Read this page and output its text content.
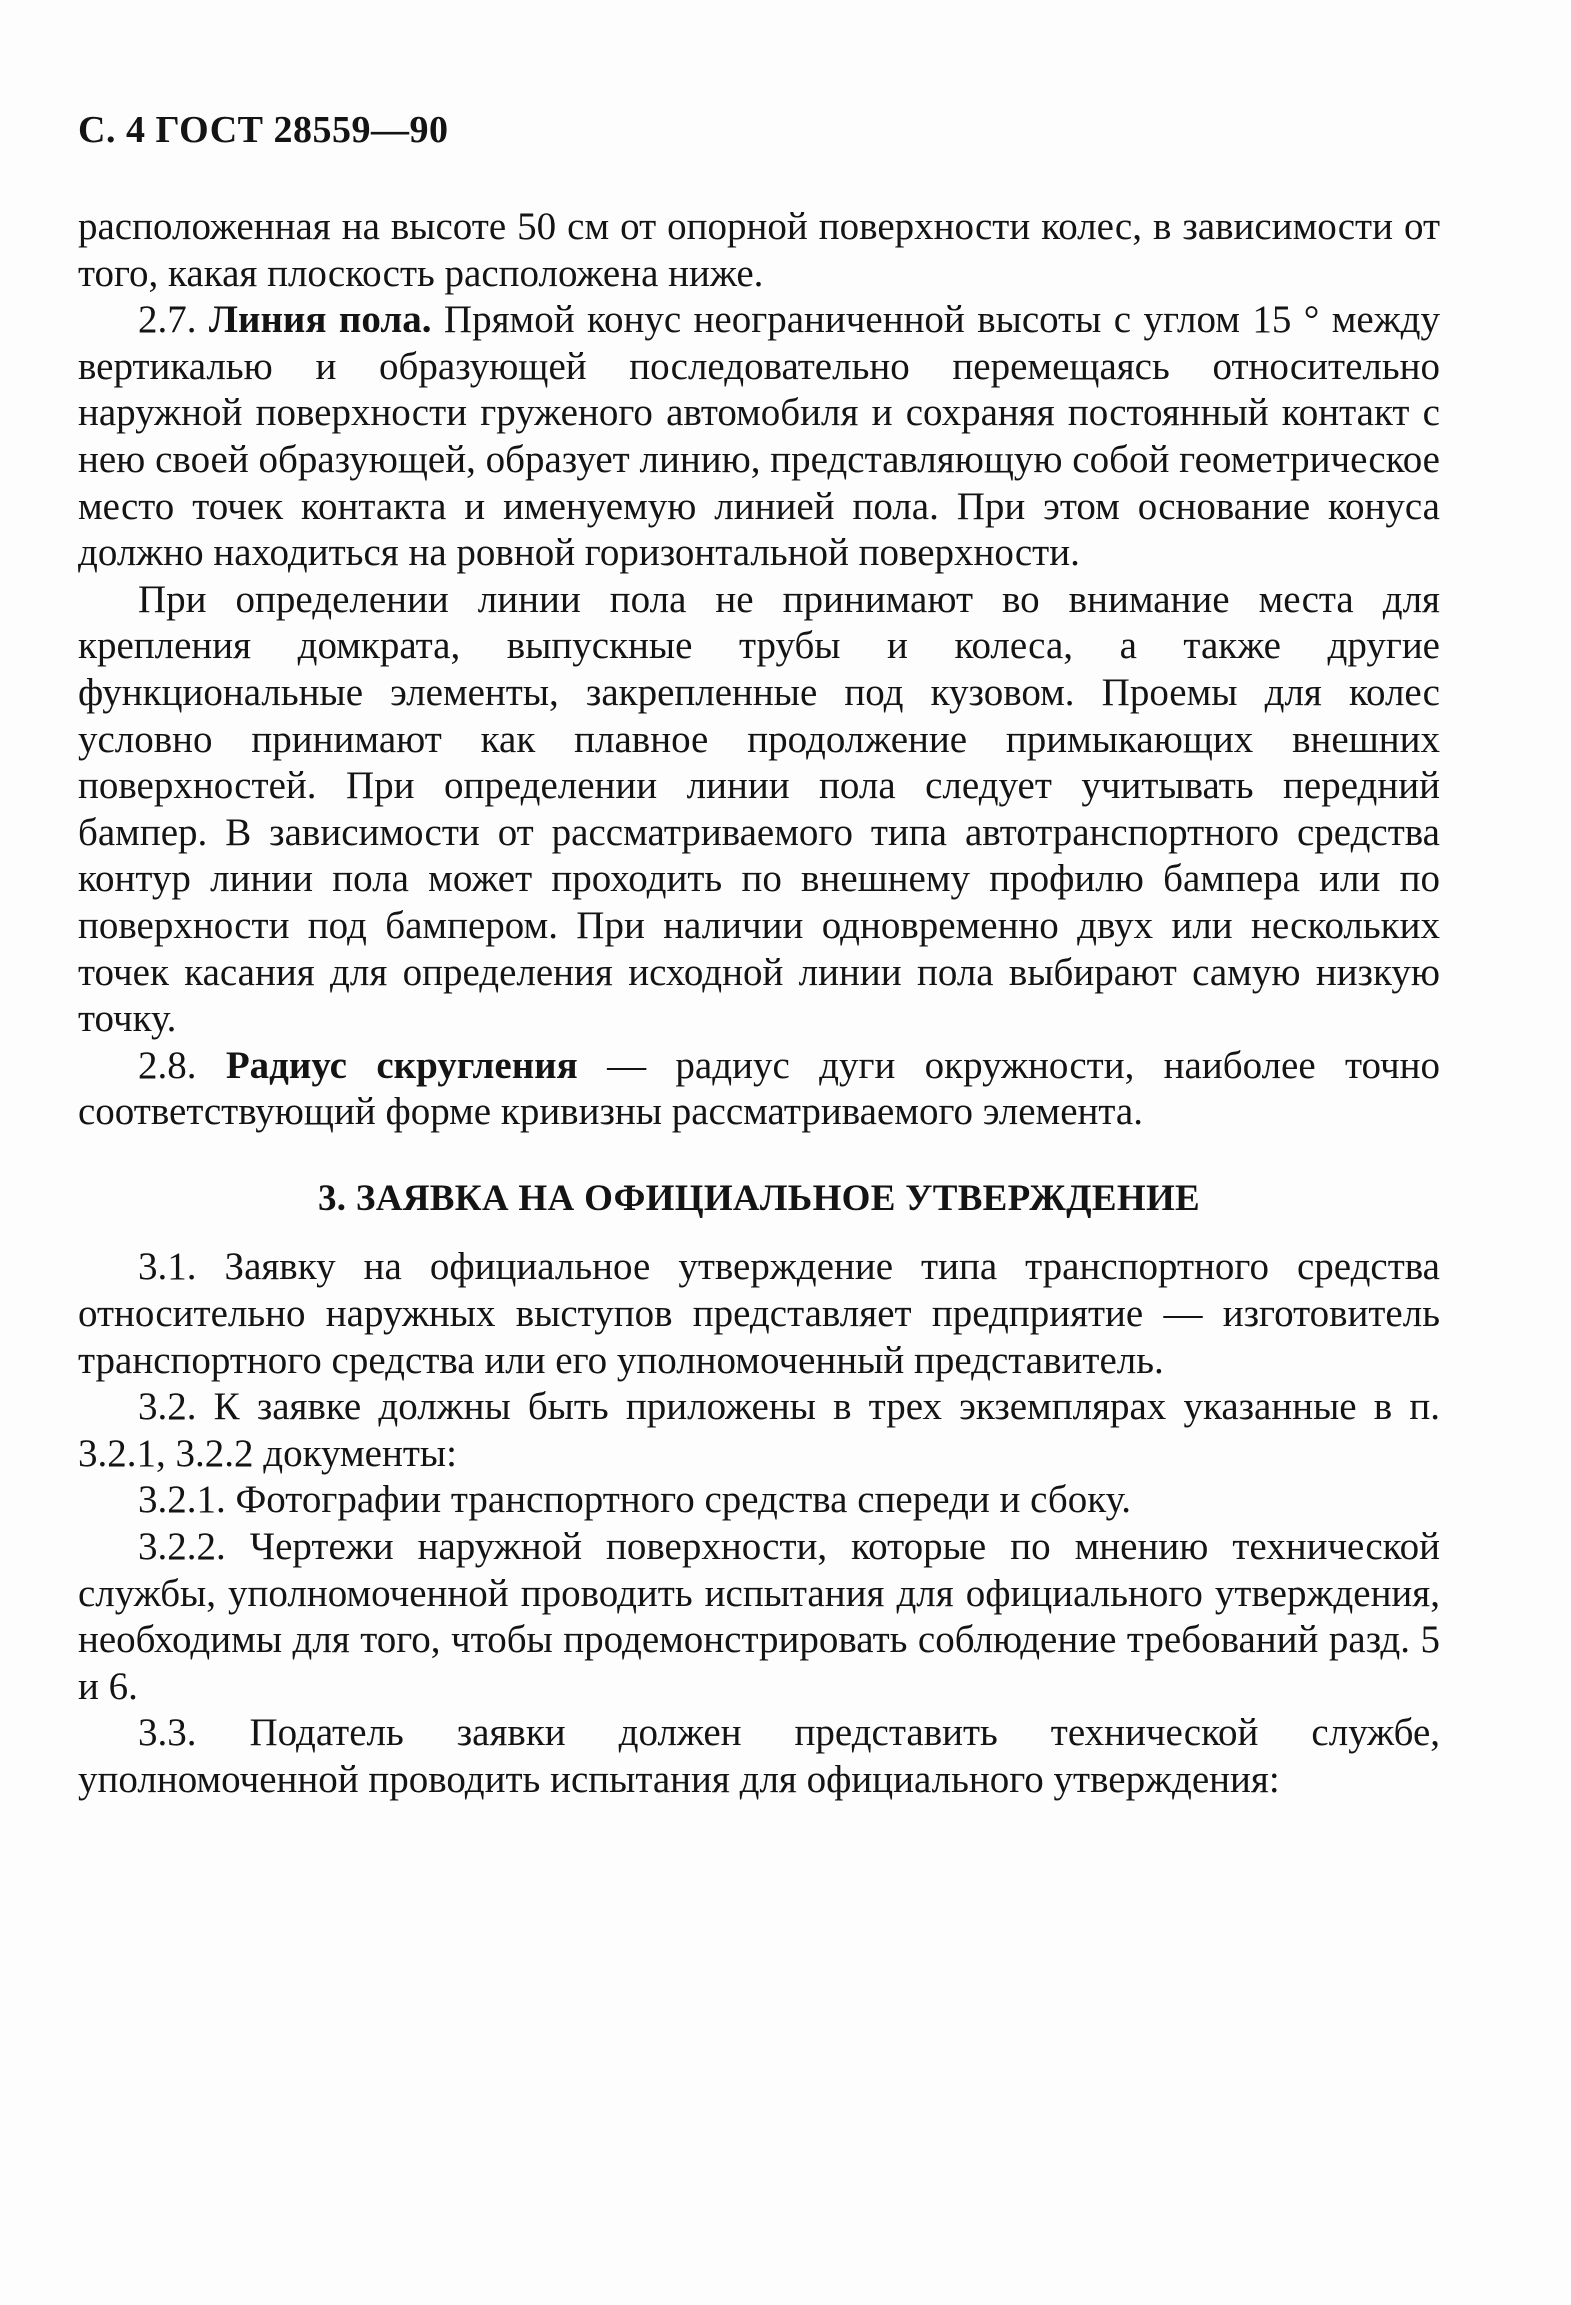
С. 4 ГОСТ 28559—90

расположенная на высоте 50 см от опорной поверхности колес, в зависимости от того, какая плоскость расположена ниже.

2.7. Линия пола. Прямой конус неограниченной высоты с углом 15 ° между вертикалью и образующей последовательно перемещаясь относительно наружной поверхности груженого автомобиля и сохраняя постоянный контакт с нею своей образующей, образует линию, представляющую собой геометрическое место точек контакта и именуемую линией пола. При этом основание конуса должно находиться на ровной горизонтальной поверхности.

При определении линии пола не принимают во внимание места для крепления домкрата, выпускные трубы и колеса, а также другие функциональные элементы, закрепленные под кузовом. Проемы для колес условно принимают как плавное продолжение примыкающих внешних поверхностей. При определении линии пола следует учитывать передний бампер. В зависимости от рассматриваемого типа автотранспортного средства контур линии пола может проходить по внешнему профилю бампера или по поверхности под бампером. При наличии одновременно двух или нескольких точек касания для определения исходной линии пола выбирают самую низкую точку.

2.8. Радиус скругления — радиус дуги окружности, наиболее точно соответствующий форме кривизны рассматриваемого элемента.

3. ЗАЯВКА НА ОФИЦИАЛЬНОЕ УТВЕРЖДЕНИЕ

3.1. Заявку на официальное утверждение типа транспортного средства относительно наружных выступов представляет предприятие — изготовитель транспортного средства или его уполномоченный представитель.

3.2. К заявке должны быть приложены в трех экземплярах указанные в п. 3.2.1, 3.2.2 документы:

3.2.1. Фотографии транспортного средства спереди и сбоку.

3.2.2. Чертежи наружной поверхности, которые по мнению технической службы, уполномоченной проводить испытания для официального утверждения, необходимы для того, чтобы продемонстрировать соблюдение требований разд. 5 и 6.

3.3. Податель заявки должен представить технической службе, уполномоченной проводить испытания для официального утверждения:
